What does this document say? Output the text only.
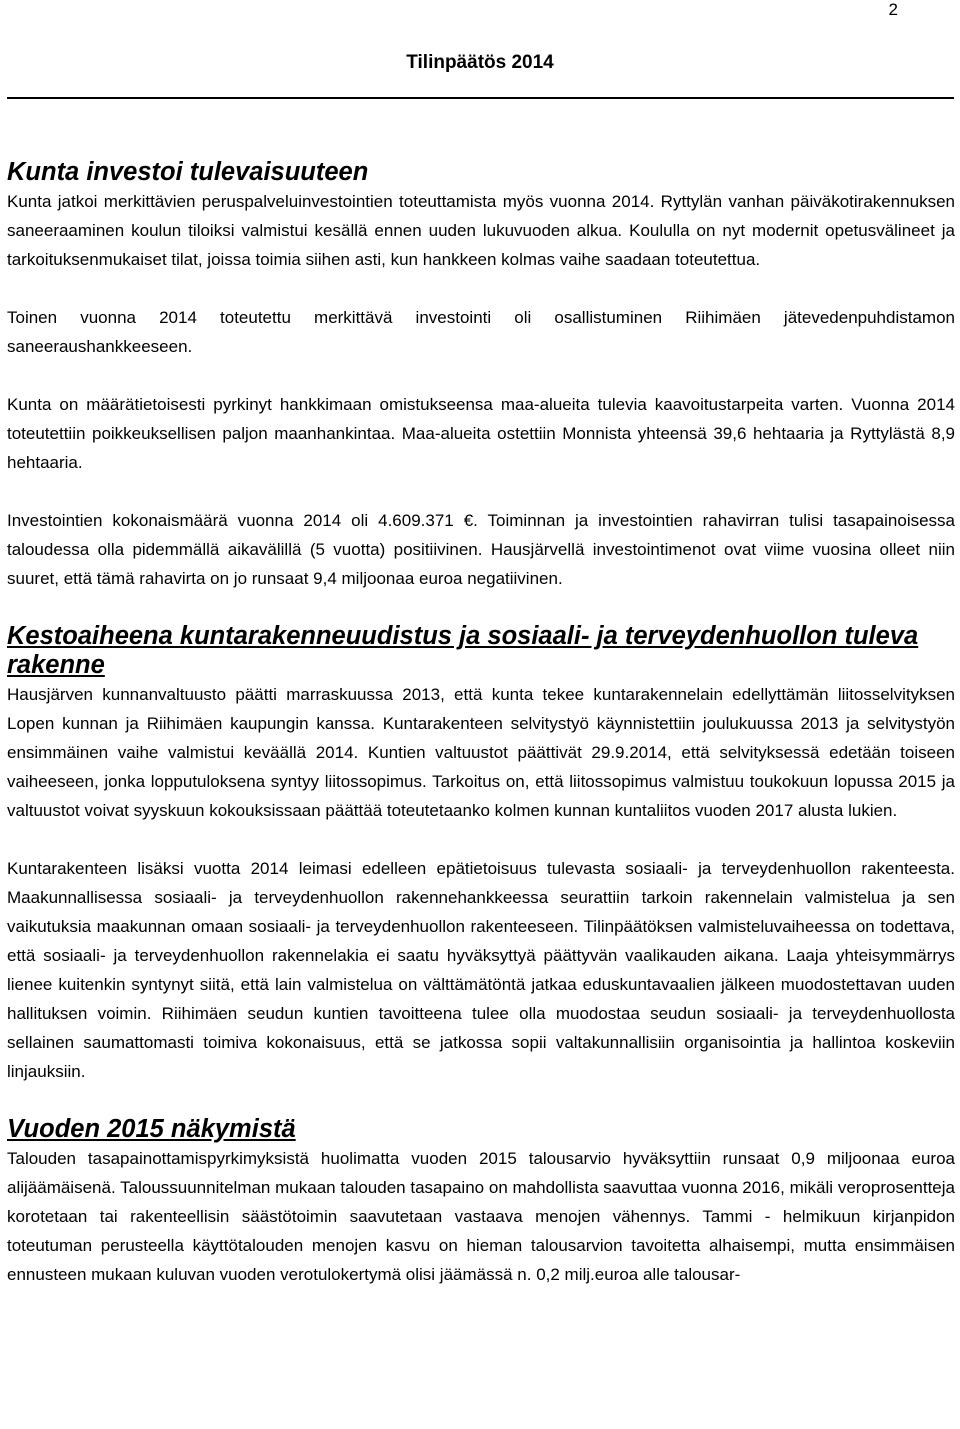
2
Tilinpäätös 2014
Kunta investoi tulevaisuuteen

Kunta jatkoi merkittävien peruspalveluinvestointien toteuttamista myös vuonna 2014. Ryttylän vanhan päiväkotirakennuksen saneeraaminen koulun tiloiksi valmistui kesällä ennen uuden lukuvuoden alkua. Koululla on nyt modernit opetusvälineet ja tarkoituksenmukaiset tilat, joissa toimia siihen asti, kun hankkeen kolmas vaihe saadaan toteutettua.

Toinen vuonna 2014 toteutettu merkittävä investointi oli osallistuminen Riihimäen jätevedenpuhdistamon saneeraushankkeeseen.

Kunta on määrätietoisesti pyrkinyt hankkimaan omistukseensa maa-alueita tulevia kaavoitustarpeita varten. Vuonna 2014 toteutettiin poikkeuksellisen paljon maanhankintaa. Maa-alueita ostettiin Monnista yhteensä 39,6 hehtaaria ja Ryttylästä 8,9 hehtaaria.

Investointien kokonaismäärä vuonna 2014 oli 4.609.371 €. Toiminnan ja investointien rahavirran tulisi tasapainoisessa taloudessa olla pidemmällä aikavälillä (5 vuotta) positiivinen. Hausjärvellä investointimenot ovat viime vuosina olleet niin suuret, että tämä rahavirta on jo runsaat 9,4 miljoonaa euroa negatiivinen.

Kestoaiheena kuntarakenneuudistus ja sosiaali- ja terveydenhuollon tuleva rakenne

Hausjärven kunnanvaltuusto päätti marraskuussa 2013, että kunta tekee kuntarakennelain edellyttämän liitosselvityksen Lopen kunnan ja Riihimäen kaupungin kanssa. Kuntarakenteen selvitystyö käynnistettiin joulukuussa 2013 ja selvitystyön ensimmäinen vaihe valmistui keväällä 2014. Kuntien valtuustot päättivät 29.9.2014, että selvityksessä edetään toiseen vaiheeseen, jonka lopputuloksena syntyy liitossopimus. Tarkoitus on, että liitossopimus valmistuu toukokuun lopussa 2015 ja valtuustot voivat syyskuun kokouksissaan päättää toteutetaanko kolmen kunnan kuntaliitos vuoden 2017 alusta lukien.

Kuntarakenteen lisäksi vuotta 2014 leimasi edelleen epätietoisuus tulevasta sosiaali- ja terveydenhuollon rakenteesta. Maakunnallisessa sosiaali- ja terveydenhuollon rakennehankkeessa seurattiin tarkoin rakennelain valmistelua ja sen vaikutuksia maakunnan omaan sosiaali- ja terveydenhuollon rakenteeseen. Tilinpäätöksen valmisteluvaiheessa on todettava, että sosiaali- ja terveydenhuollon rakennelakia ei saatu hyväksyttyä päättyvän vaalikauden aikana. Laaja yhteisymmärrys lienee kuitenkin syntynyt siitä, että lain valmistelua on välttämätöntä jatkaa eduskuntavaalien jälkeen muodostettavan uuden hallituksen voimin. Riihimäen seudun kuntien tavoitteena tulee olla muodostaa seudun sosiaali- ja terveydenhuollosta sellainen saumattomasti toimiva kokonaisuus, että se jatkossa sopii valtakunnallisiin organisointia ja hallintoa koskeviin linjauksiin.

Vuoden 2015 näkymistä

Talouden tasapainottamispyrkimyksistä huolimatta vuoden 2015 talousarvio hyväksyttiin runsaat 0,9 miljoonaa euroa alijäämäisenä. Taloussuunnitelman mukaan talouden tasapaino on mahdollista saavuttaa vuonna 2016, mikäli veroprosentteja korotetaan tai rakenteellisin säästötoimin saavutetaan vastaava menojen vähennys. Tammi - helmikuun kirjanpidon toteutuman perusteella käyttötalouden menojen kasvu on hieman talousarvion tavoitetta alhaisempi, mutta ensimmäisen ennusteen mukaan kuluvan vuoden verotulokertymä olisi jäämässä n. 0,2 milj.euroa alle talousar-
